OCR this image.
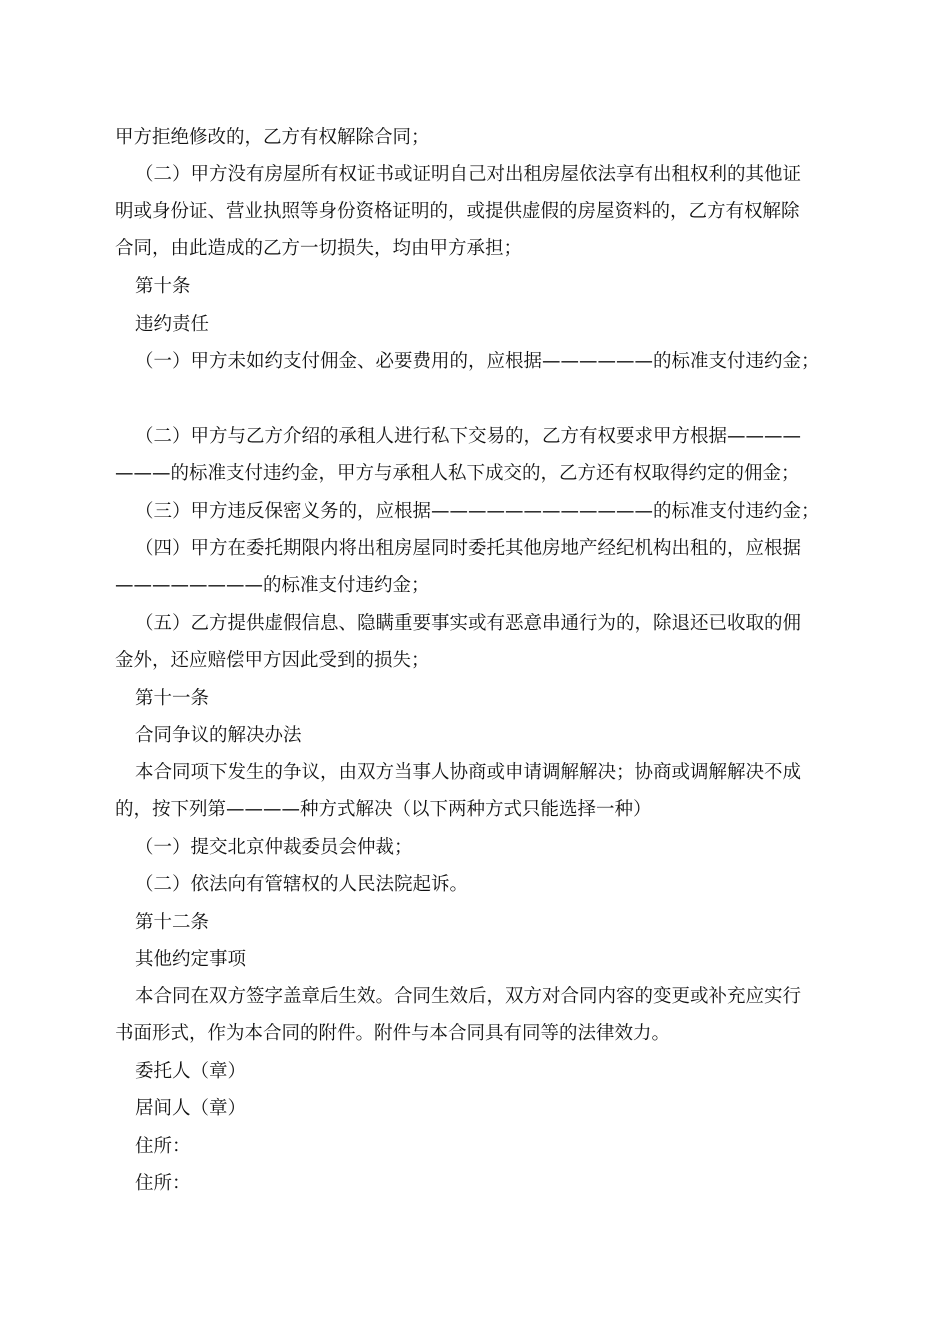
甲方拒绝修改的，乙方有权解除合同；
（二）甲方没有房屋所有权证书或证明自己对出租房屋依法享有出租权利的其他证
明或身份证、营业执照等身份资格证明的，或提供虚假的房屋资料的，乙方有权解除
合同，由此造成的乙方一切损失，均由甲方承担；
第十条
违约责任
（一）甲方未如约支付佣金、必要费用的，应根据——————的标准支付违约金；
（二）甲方与乙方介绍的承租人进行私下交易的，乙方有权要求甲方根据————
———的标准支付违约金，甲方与承租人私下成交的，乙方还有权取得约定的佣金；
（三）甲方违反保密义务的，应根据————————————的标准支付违约金；
（四）甲方在委托期限内将出租房屋同时委托其他房地产经纪机构出租的，应根据
————————的标准支付违约金；
（五）乙方提供虚假信息、隐瞒重要事实或有恶意串通行为的，除退还已收取的佣
金外，还应赔偿甲方因此受到的损失；
第十一条
合同争议的解决办法
本合同项下发生的争议，由双方当事人协商或申请调解解决；协商或调解解决不成
的，按下列第————种方式解决（以下两种方式只能选择一种）
（一）提交北京仲裁委员会仲裁；
（二）依法向有管辖权的人民法院起诉。
第十二条
其他约定事项
本合同在双方签字盖章后生效。合同生效后，双方对合同内容的变更或补充应实行
书面形式，作为本合同的附件。附件与本合同具有同等的法律效力。
委托人（章）
居间人（章）
住所：
住所：
